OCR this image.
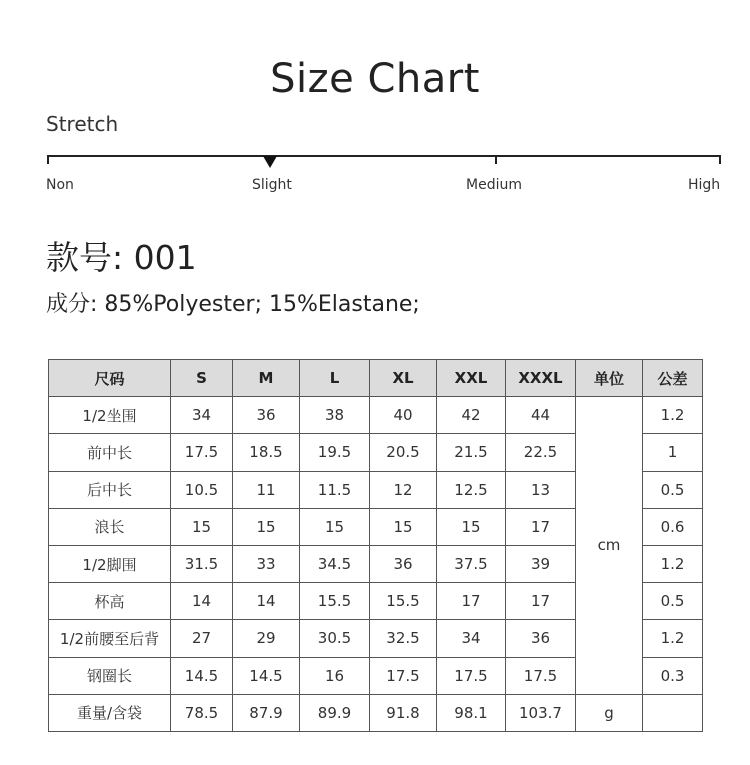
Size Chart
Stretch
Non	Slight	Medium	High
款号: 001
成分: 85%Polyester; 15%Elastane;
尺码	S	M	L	XL	XXL	XXXL	单位	公差
1/2坐围	34	36	38	40	42	44	cm	1.2
前中长	17.5	18.5	19.5	20.5	21.5	22.5		1
后中长	10.5	11	11.5	12	12.5	13		0.5
浪长	15	15	15	15	15	17		0.6
1/2脚围	31.5	33	34.5	36	37.5	39		1.2
杯高	14	14	15.5	15.5	17	17		0.5
1/2前腰至后背	27	29	30.5	32.5	34	36		1.2
钢圈长	14.5	14.5	16	17.5	17.5	17.5		0.3
重量/含袋	78.5	87.9	89.9	91.8	98.1	103.7	g	
